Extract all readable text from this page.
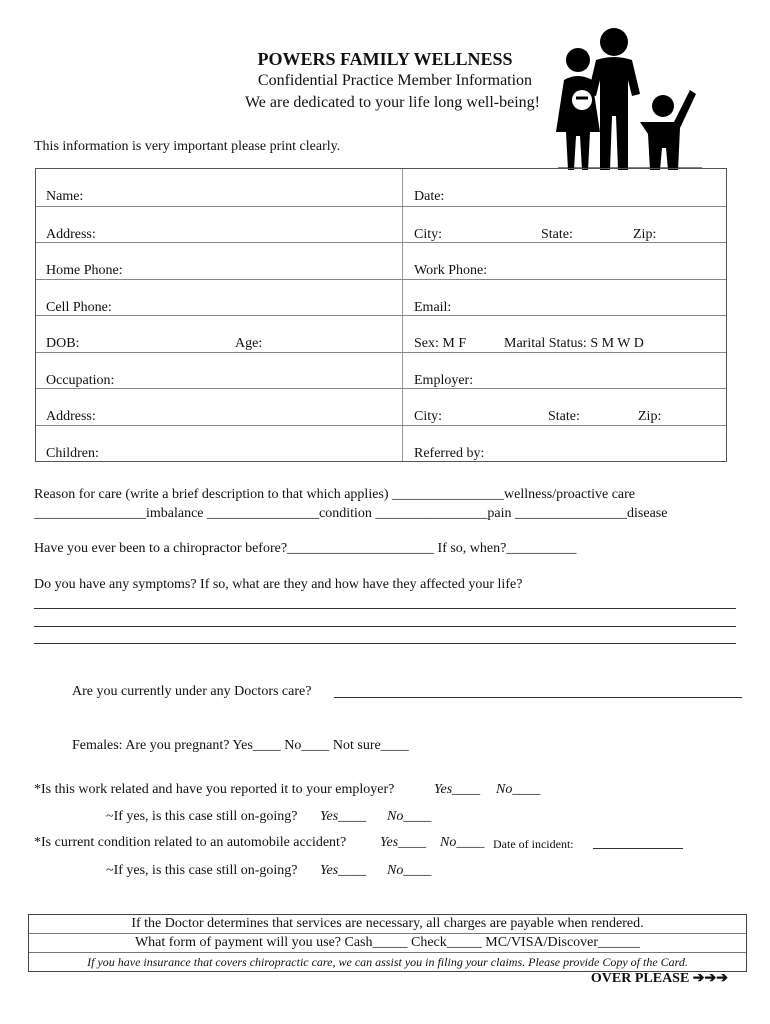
POWERS FAMILY WELLNESS
Confidential Practice Member Information
We are dedicated to your life long well-being!
This information is very important please print clearly.
Name:	Date:
Address:	City:	State:	Zip:
Home Phone:	Work Phone:
Cell Phone:	Email:
DOB:	Age:	Sex: M F	Marital Status: S M W D
Occupation:	Employer:
Address:	City:	State:	Zip:
Children:	Referred by:
Reason for care (write a brief description to that which applies) ________________wellness/proactive care
________________imbalance ________________condition ________________pain ________________disease
Have you ever been to a chiropractor before?_____________________ If so, when?__________
Do you have any symptoms? If so, what are they and how have they affected your life?
Are you currently under any Doctors care?
Females: Are you pregnant? Yes____ No____ Not sure____
*Is this work related and have you reported it to your employer?	Yes____ No____
~If yes, is this case still on-going? Yes____ No____
*Is current condition related to an automobile accident? Yes____ No____ Date of incident:
~If yes, is this case still on-going? Yes____ No____
If the Doctor determines that services are necessary, all charges are payable when rendered.
What form of payment will you use? Cash_____ Check_____ MC/VISA/Discover______
If you have insurance that covers chiropractic care, we can assist you in filing your claims. Please provide Copy of the Card.
OVER PLEASE ➔➔➔
